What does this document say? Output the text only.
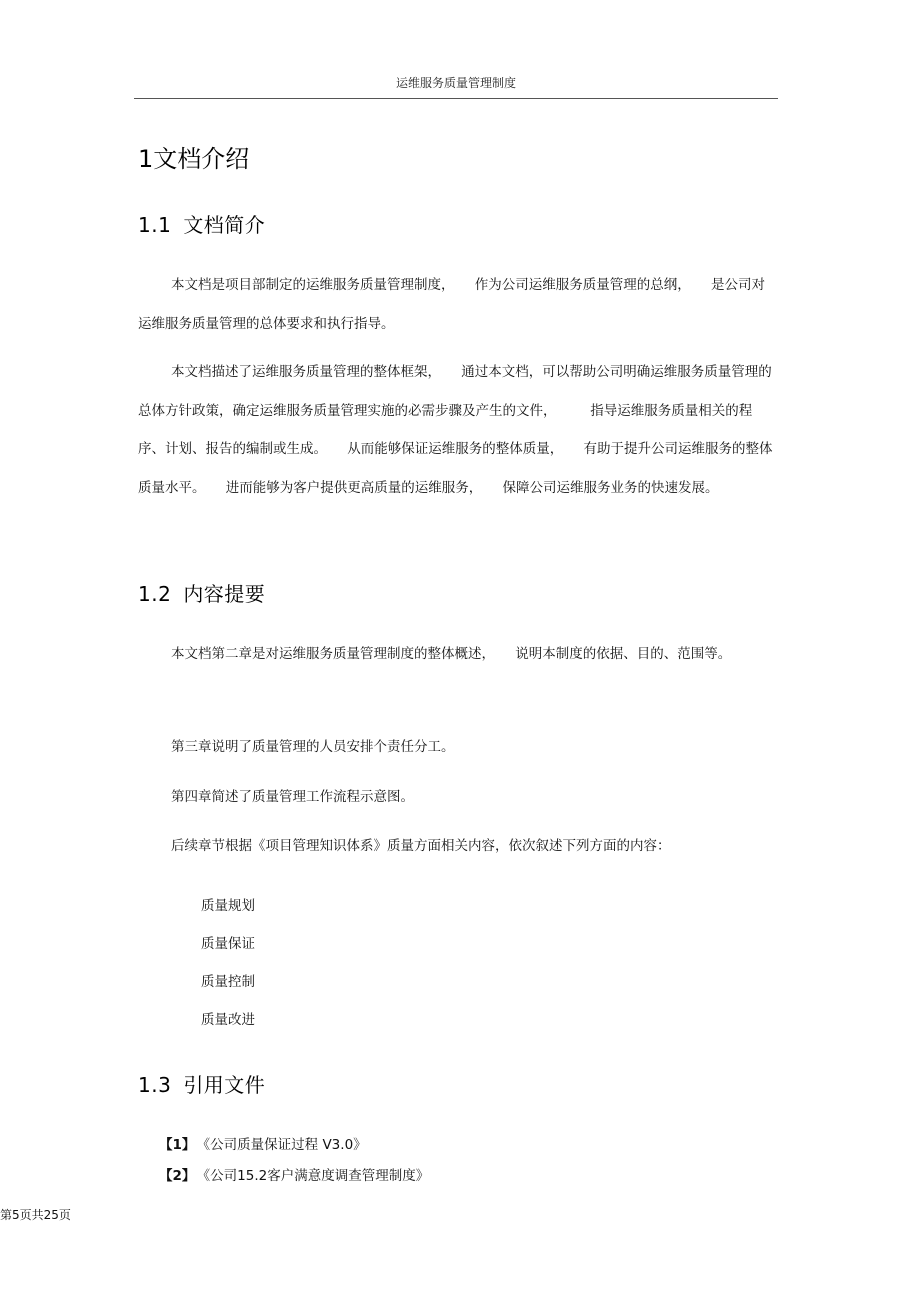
运维服务质量管理制度
1文档介绍
1.1 文档简介

本文档是项目部制定的运维服务质量管理制度，　　作为公司运维服务质量管理的总纲，　　是公司对运维服务质量管理的总体要求和执行指导。

本文档描述了运维服务质量管理的整体框架，　　通过本文档，可以帮助公司明确运维服务质量管理的总体方针政策，确定运维服务质量管理实施的必需步骤及产生的文件，　　　指导运维服务质量相关的程序、计划、报告的编制或生成。　　从而能够保证运维服务的整体质量，　　有助于提升公司运维服务的整体质量水平。　　进而能够为客户提供更高质量的运维服务，　　保障公司运维服务业务的快速发展。

1.2 内容提要

本文档第二章是对运维服务质量管理制度的整体概述，　　说明本制度的依据、目的、范围等。

第三章说明了质量管理的人员安排个责任分工。
第四章简述了质量管理工作流程示意图。
后续章节根据《项目管理知识体系》质量方面相关内容，依次叙述下列方面的内容：
质量规划
质量保证
质量控制
质量改进
1.3 引用文件
【1】 《公司质量保证过程 V3.0》
【2】 《公司15.2客户满意度调查管理制度》
第5页共25页
